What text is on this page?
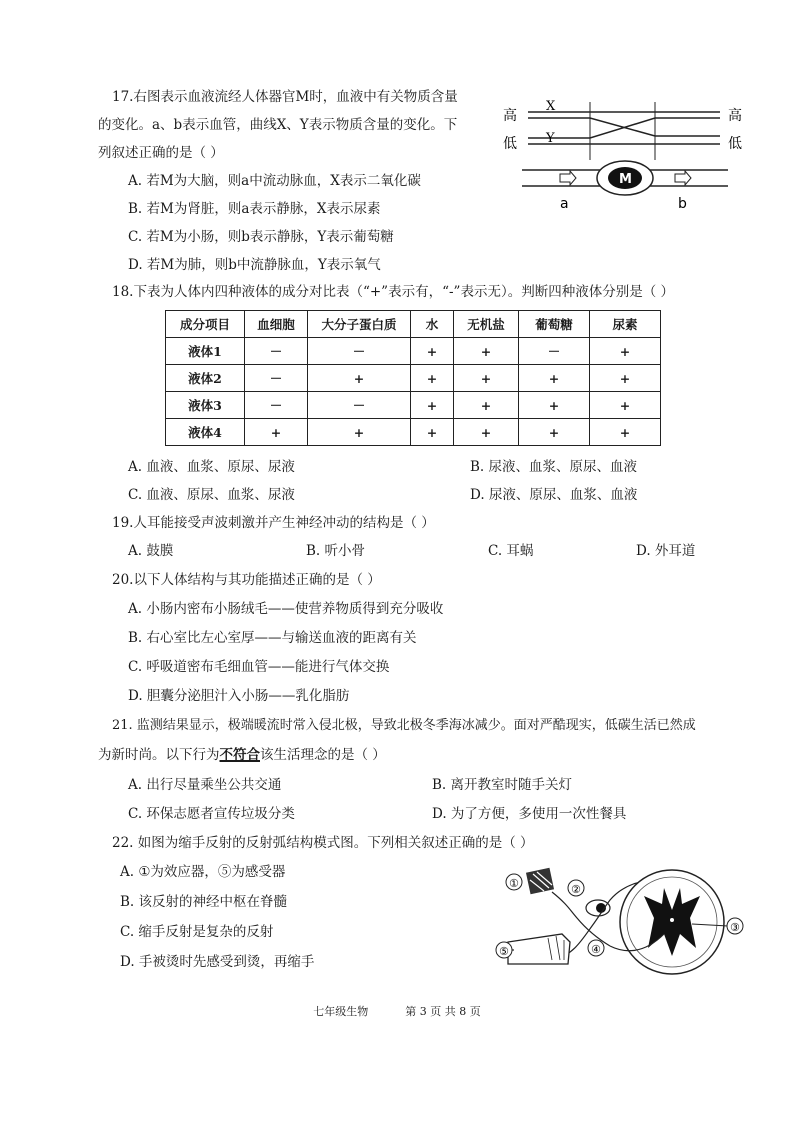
17.右图表示血液流经人体器官M时，血液中有关物质含量
的变化。a、b表示血管，曲线X、Y表示物质含量的变化。下
列叙述正确的是（ ）
A. 若M为大脑，则a中流动脉血，X表示二氧化碳
B. 若M为肾脏，则a表示静脉，X表示尿素
C. 若M为小肠，则b表示静脉，Y表示葡萄糖
D. 若M为肺，则b中流静脉血，Y表示氧气
高
低
高
低
X
Y
M
a	b
18.下表为人体内四种液体的成分对比表（“+”表示有，“-”表示无）。判断四种液体分别是（ ）
成分项目	血细胞	大分子蛋白质	水	无机盐	葡萄糖	尿素
液体1	－	－	+	+	－	+
液体2	－	+	+	+	+	+
液体3	－	－	+	+	+	+
液体4	+	+	+	+	+	+
A. 血液、血浆、原尿、尿液	B. 尿液、血浆、原尿、血液
C. 血液、原尿、血浆、尿液	D. 尿液、原尿、血浆、血液
19.人耳能接受声波刺激并产生神经冲动的结构是（ ）
A. 鼓膜	B. 听小骨	C. 耳蜗	D. 外耳道
20.以下人体结构与其功能描述正确的是（ ）
A. 小肠内密布小肠绒毛——使营养物质得到充分吸收
B. 右心室比左心室厚——与输送血液的距离有关
C. 呼吸道密布毛细血管——能进行气体交换
D. 胆囊分泌胆汁入小肠——乳化脂肪
21. 监测结果显示，极端暖流时常入侵北极，导致北极冬季海冰减少。面对严酷现实，低碳生活已然成
为新时尚。以下行为不符合该生活理念的是（ ）
A. 出行尽量乘坐公共交通	B. 离开教室时随手关灯
C. 环保志愿者宣传垃圾分类	D. 为了方便，多使用一次性餐具
22. 如图为缩手反射的反射弧结构模式图。下列相关叙述正确的是（ ）
A. ①为效应器，⑤为感受器
B. 该反射的神经中枢在脊髓
C. 缩手反射是复杂的反射
D. 手被烫时先感受到烫，再缩手
①	②
③
④
⑤
七年级生物	第 3 页 共 8 页
